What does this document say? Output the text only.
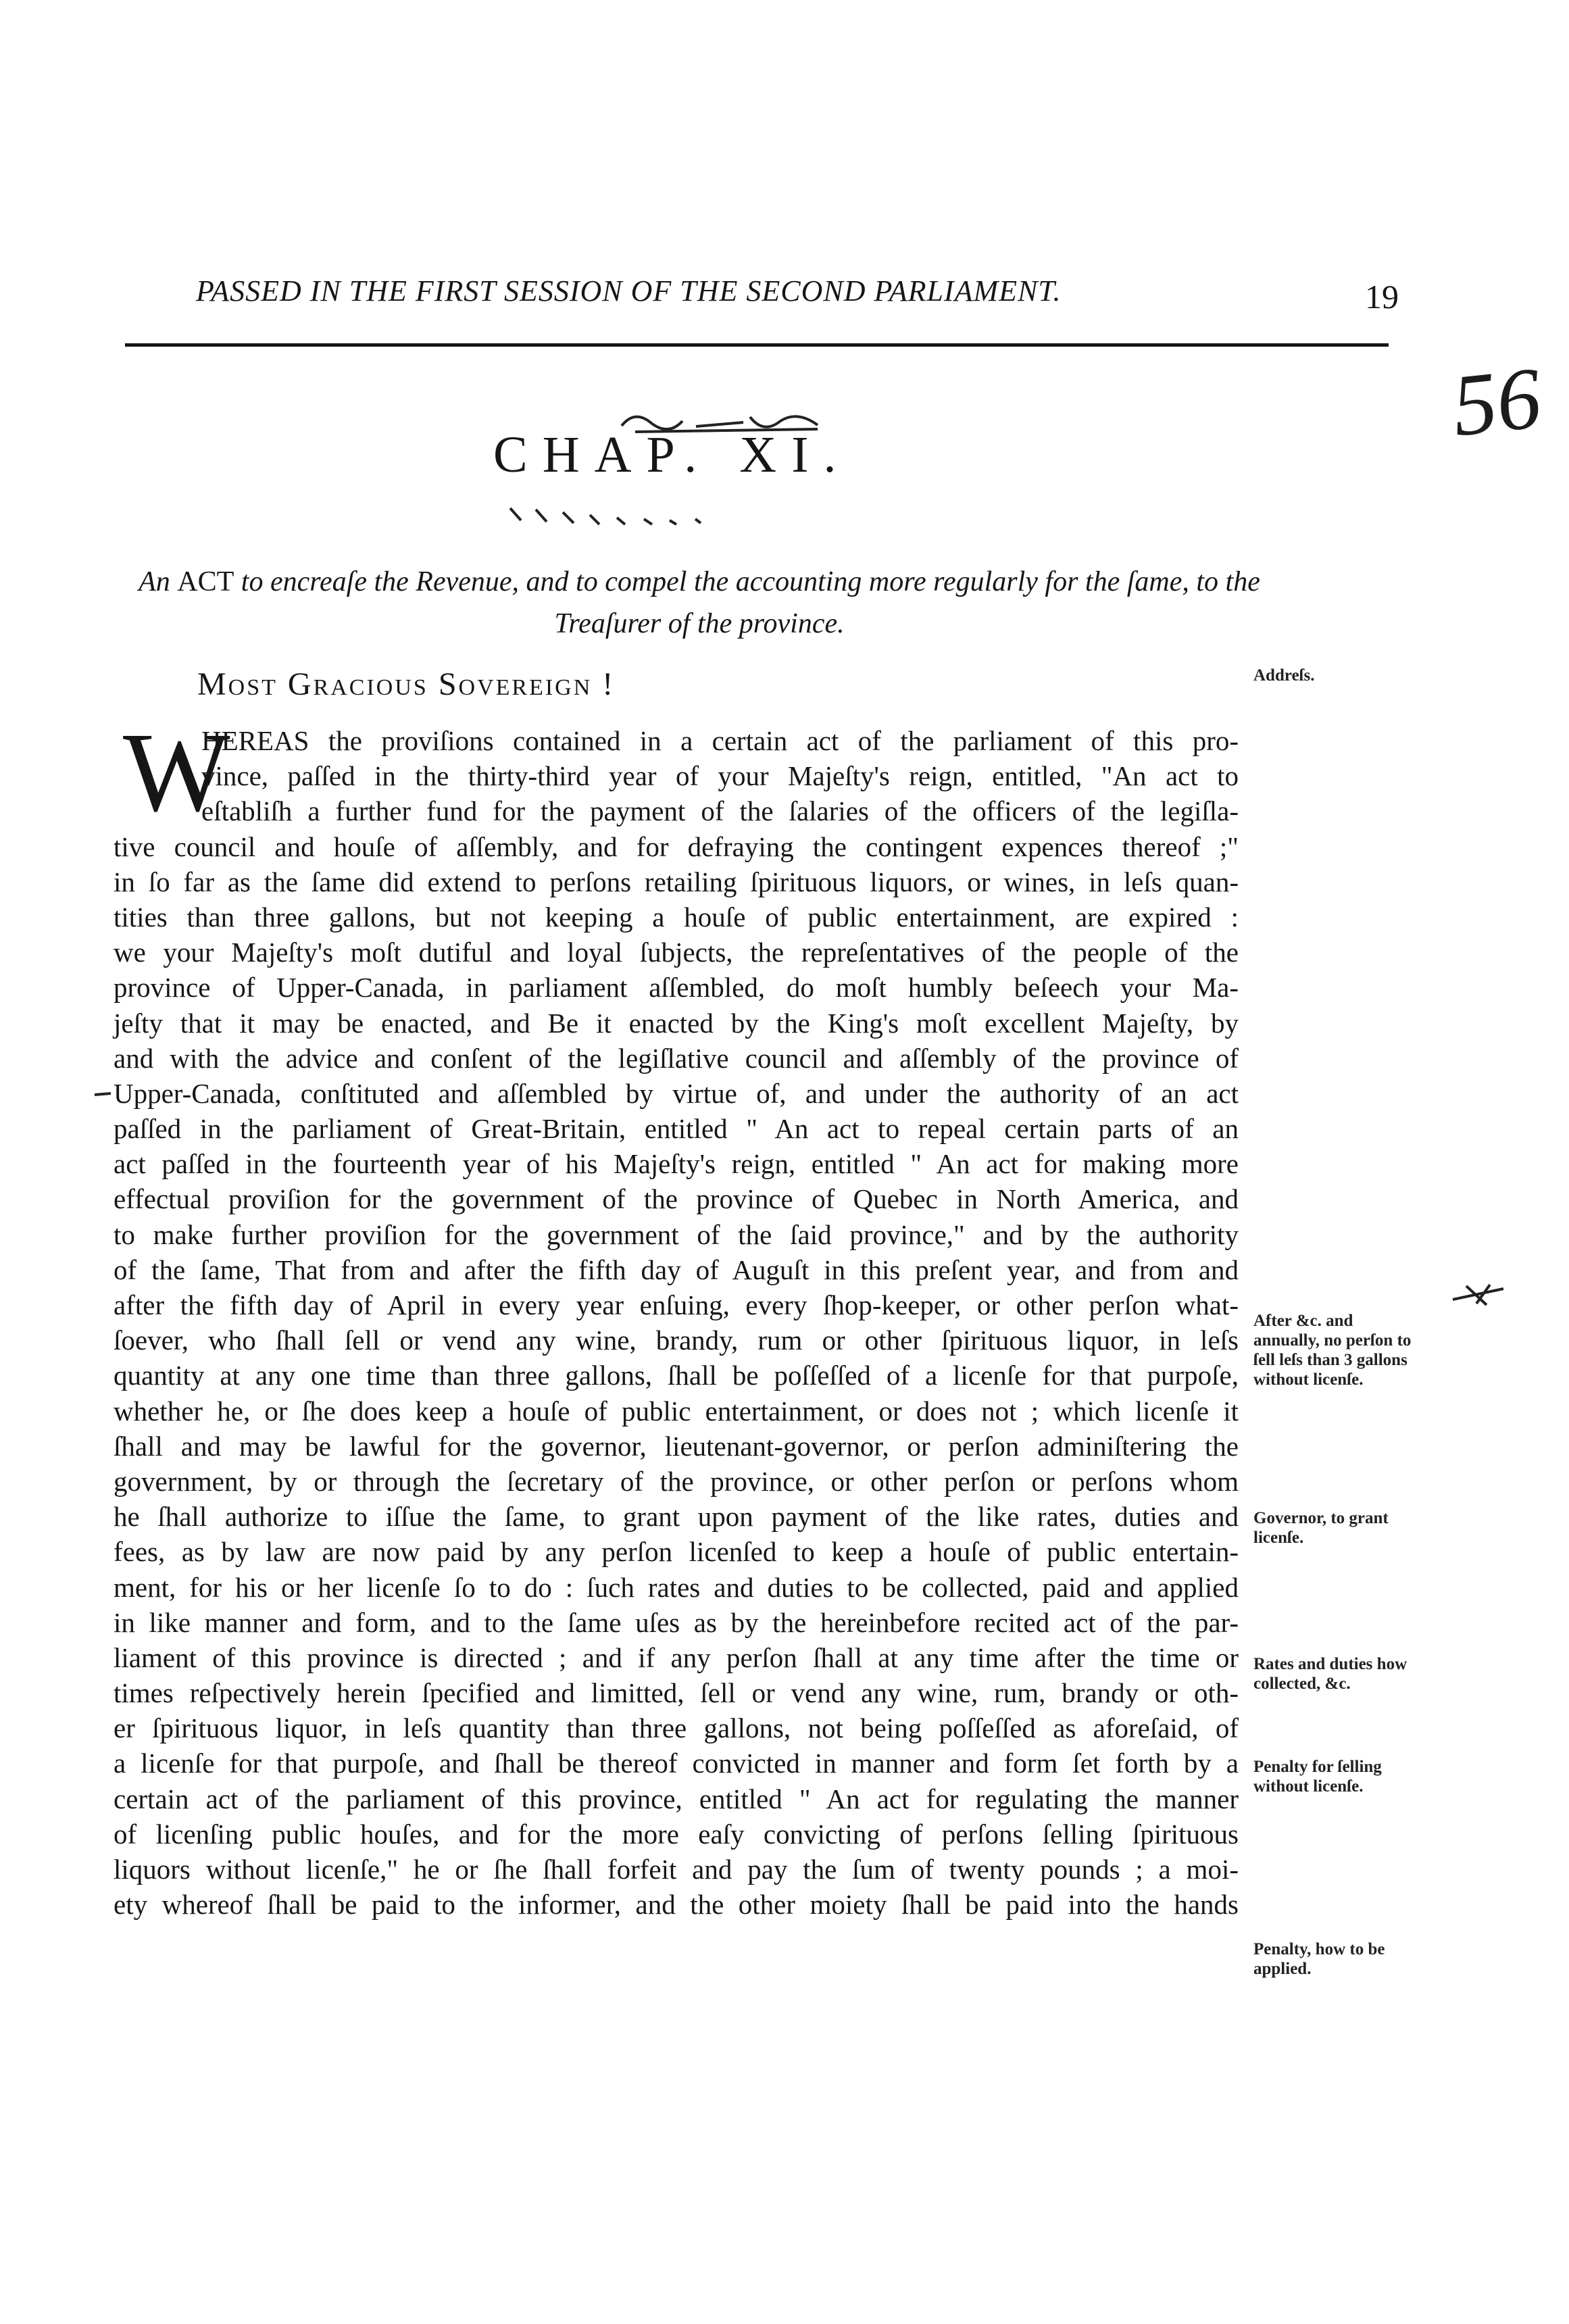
PASSED IN THE FIRST SESSION OF THE SECOND PARLIAMENT.	19
56
CHAP. XI.
An ACT to encreaſe the Revenue, and to compel the accounting more regularly for the ſame, to the Treaſurer of the province.
Most Gracious Sovereign !
W
HEREAS the proviſions contained in a certain act of the parliament of this pro-
vince, paſſed in the thirty-third year of your Majeſty's reign, entitled, "An act to
eſtabliſh a further fund for the payment of the ſalaries of the officers of the legiſla-
tive council and houſe of aſſembly, and for defraying the contingent expences thereof ;"
in ſo far as the ſame did extend to perſons retailing ſpirituous liquors, or wines, in leſs quan-
tities than three gallons, but not keeping a houſe of public entertainment, are expired :
we your Majeſty's moſt dutiful and loyal ſubjects, the repreſentatives of the people of the
province of Upper-Canada, in parliament aſſembled, do moſt humbly beſeech your Ma-
jeſty that it may be enacted, and Be it enacted by the King's moſt excellent Majeſty, by
and with the advice and conſent of the legiſlative council and aſſembly of the province of
Upper-Canada, conſtituted and aſſembled by virtue of, and under the authority of an act
paſſed in the parliament of Great-Britain, entitled " An act to repeal certain parts of an
act paſſed in the fourteenth year of his Majeſty's reign, entitled " An act for making more
effectual proviſion for the government of the province of Quebec in North America, and
to make further proviſion for the government of the ſaid province," and by the authority
of the ſame, That from and after the fifth day of Auguſt in this preſent year, and from and
after the fifth day of April in every year enſuing, every ſhop-keeper, or other perſon what-
ſoever, who ſhall ſell or vend any wine, brandy, rum or other ſpirituous liquor, in leſs
quantity at any one time than three gallons, ſhall be poſſeſſed of a licenſe for that purpoſe,
whether he, or ſhe does keep a houſe of public entertainment, or does not ; which licenſe it
ſhall and may be lawful for the governor, lieutenant-governor, or perſon adminiſtering the
government, by or through the ſecretary of the province, or other perſon or perſons whom
he ſhall authorize to iſſue the ſame, to grant upon payment of the like rates, duties and
fees, as by law are now paid by any perſon licenſed to keep a houſe of public entertain-
ment, for his or her licenſe ſo to do : ſuch rates and duties to be collected, paid and applied
in like manner and form, and to the ſame uſes as by the hereinbefore recited act of the par-
liament of this province is directed ; and if any perſon ſhall at any time after the time or
times reſpectively herein ſpecified and limitted, ſell or vend any wine, rum, brandy or oth-
er ſpirituous liquor, in leſs quantity than three gallons, not being poſſeſſed as aforeſaid, of
a licenſe for that purpoſe, and ſhall be thereof convicted in manner and form ſet forth by a
certain act of the parliament of this province, entitled " An act for regulating the manner
of licenſing public houſes, and for the more eaſy convicting of perſons ſelling ſpirituous
liquors without licenſe," he or ſhe ſhall forfeit and pay the ſum of twenty pounds ; a moi-
ety whereof ſhall be paid to the informer, and the other moiety ſhall be paid into the hands
Addreſs.
After &c. and annually, no perſon to ſell leſs than 3 gallons without licenſe.
Governor, to grant licenſe.
Rates and duties how collected, &c.
Penalty for ſelling without licenſe.
Penalty, how to be applied.
